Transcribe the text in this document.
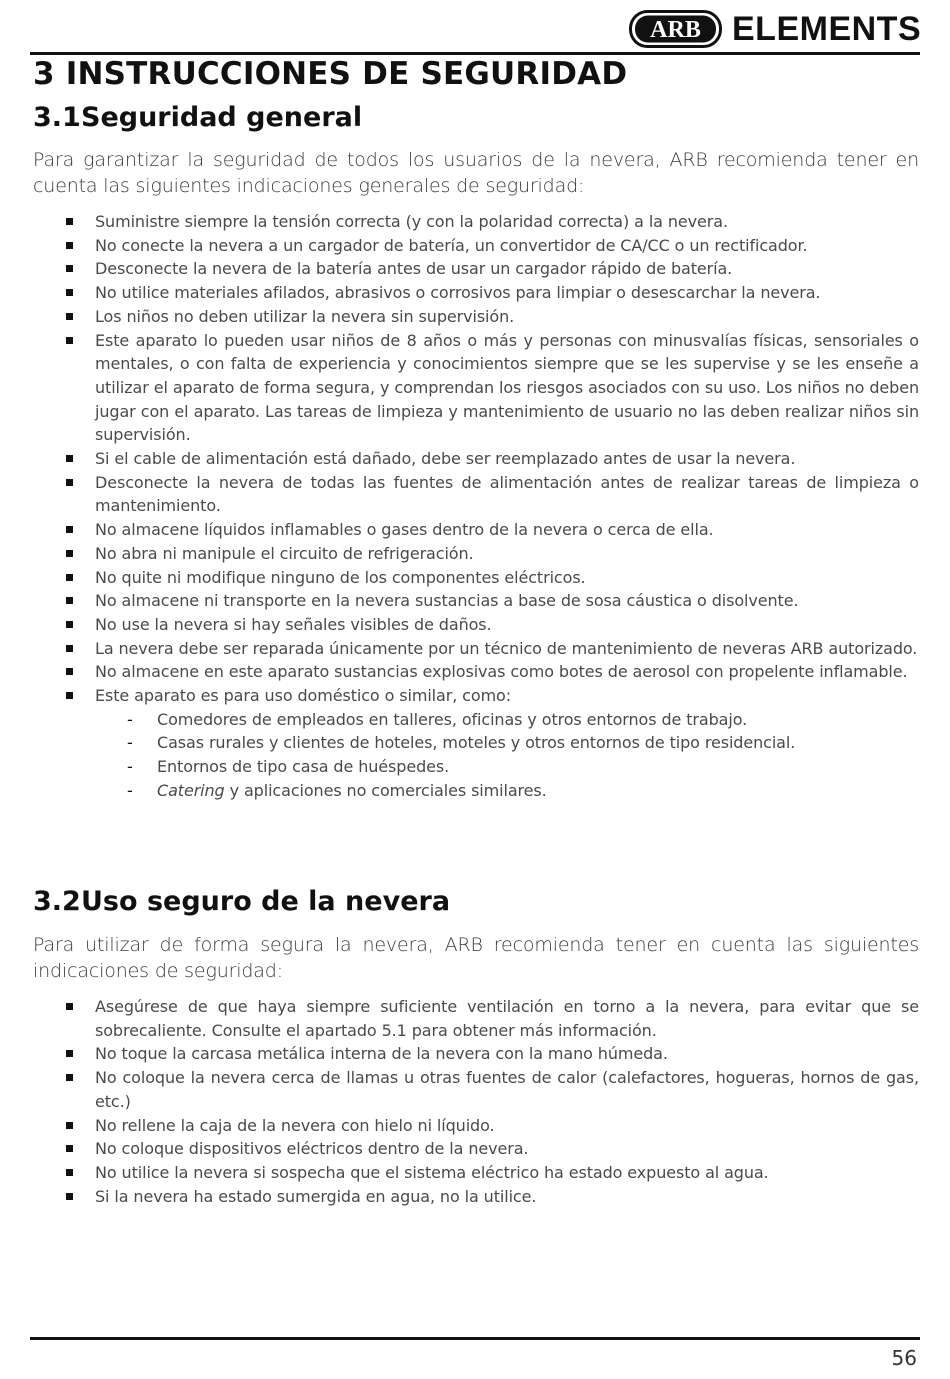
ARB ELEMENTS
3 INSTRUCCIONES DE SEGURIDAD
3.1Seguridad general
Para garantizar la seguridad de todos los usuarios de la nevera, ARB recomienda tener en cuenta las siguientes indicaciones generales de seguridad:
Suministre siempre la tensión correcta (y con la polaridad correcta) a la nevera.
No conecte la nevera a un cargador de batería, un convertidor de CA/CC o un rectificador.
Desconecte la nevera de la batería antes de usar un cargador rápido de batería.
No utilice materiales afilados, abrasivos o corrosivos para limpiar o desescarchar la nevera.
Los niños no deben utilizar la nevera sin supervisión.
Este aparato lo pueden usar niños de 8 años o más y personas con minusvalías físicas, sensoriales o mentales, o con falta de experiencia y conocimientos siempre que se les supervise y se les enseñe a utilizar el aparato de forma segura, y comprendan los riesgos asociados con su uso. Los niños no deben jugar con el aparato. Las tareas de limpieza y mantenimiento de usuario no las deben realizar niños sin supervisión.
Si el cable de alimentación está dañado, debe ser reemplazado antes de usar la nevera.
Desconecte la nevera de todas las fuentes de alimentación antes de realizar tareas de limpieza o mantenimiento.
No almacene líquidos inflamables o gases dentro de la nevera o cerca de ella.
No abra ni manipule el circuito de refrigeración.
No quite ni modifique ninguno de los componentes eléctricos.
No almacene ni transporte en la nevera sustancias a base de sosa cáustica o disolvente.
No use la nevera si hay señales visibles de daños.
La nevera debe ser reparada únicamente por un técnico de mantenimiento de neveras ARB autorizado.
No almacene en este aparato sustancias explosivas como botes de aerosol con propelente inflamable.
Este aparato es para uso doméstico o similar, como:
- Comedores de empleados en talleres, oficinas y otros entornos de trabajo.
- Casas rurales y clientes de hoteles, moteles y otros entornos de tipo residencial.
- Entornos de tipo casa de huéspedes.
- Catering y aplicaciones no comerciales similares.
3.2Uso seguro de la nevera
Para utilizar de forma segura la nevera, ARB recomienda tener en cuenta las siguientes indicaciones de seguridad:
Asegúrese de que haya siempre suficiente ventilación en torno a la nevera, para evitar que se sobrecaliente. Consulte el apartado 5.1 para obtener más información.
No toque la carcasa metálica interna de la nevera con la mano húmeda.
No coloque la nevera cerca de llamas u otras fuentes de calor (calefactores, hogueras, hornos de gas, etc.)
No rellene la caja de la nevera con hielo ni líquido.
No coloque dispositivos eléctricos dentro de la nevera.
No utilice la nevera si sospecha que el sistema eléctrico ha estado expuesto al agua.
Si la nevera ha estado sumergida en agua, no la utilice.
56
